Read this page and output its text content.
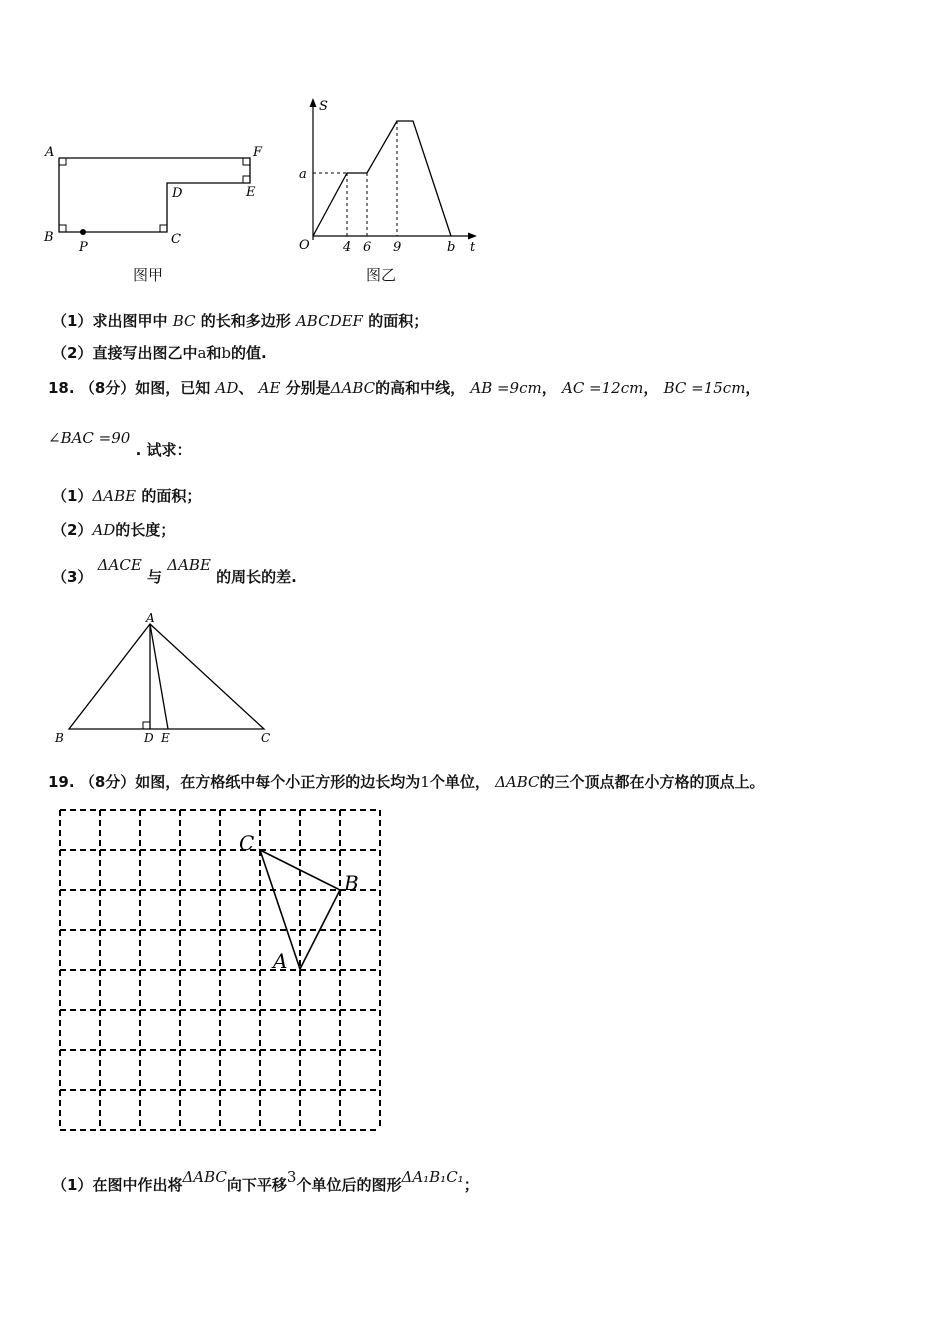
A	F
D	E
B
P
C
图甲
S
a
O	4 6 9	b t
图乙
（1）求出图甲中 BC 的长和多边形 ABCDEF 的面积；
（2）直接写出图乙中a和b的值.
18. （8分）如图，已知 AD、 AE 分别是ΔABC的高和中线， AB =9cm， AC =12cm， BC =15cm，
∠BAC =90 . 试求：
（1）ΔABE 的面积；
（2）AD的长度；
（3） ΔACE 与 ΔABE 的周长的差.
A
B	D E	C
19. （8分）如图，在方格纸中每个小正方形的边长均为1个单位， ΔABC的三个顶点都在小方格的顶点上。
C
B
A
（1）在图中作出将ΔABC向下平移3个单位后的图形ΔA₁B₁C₁；
